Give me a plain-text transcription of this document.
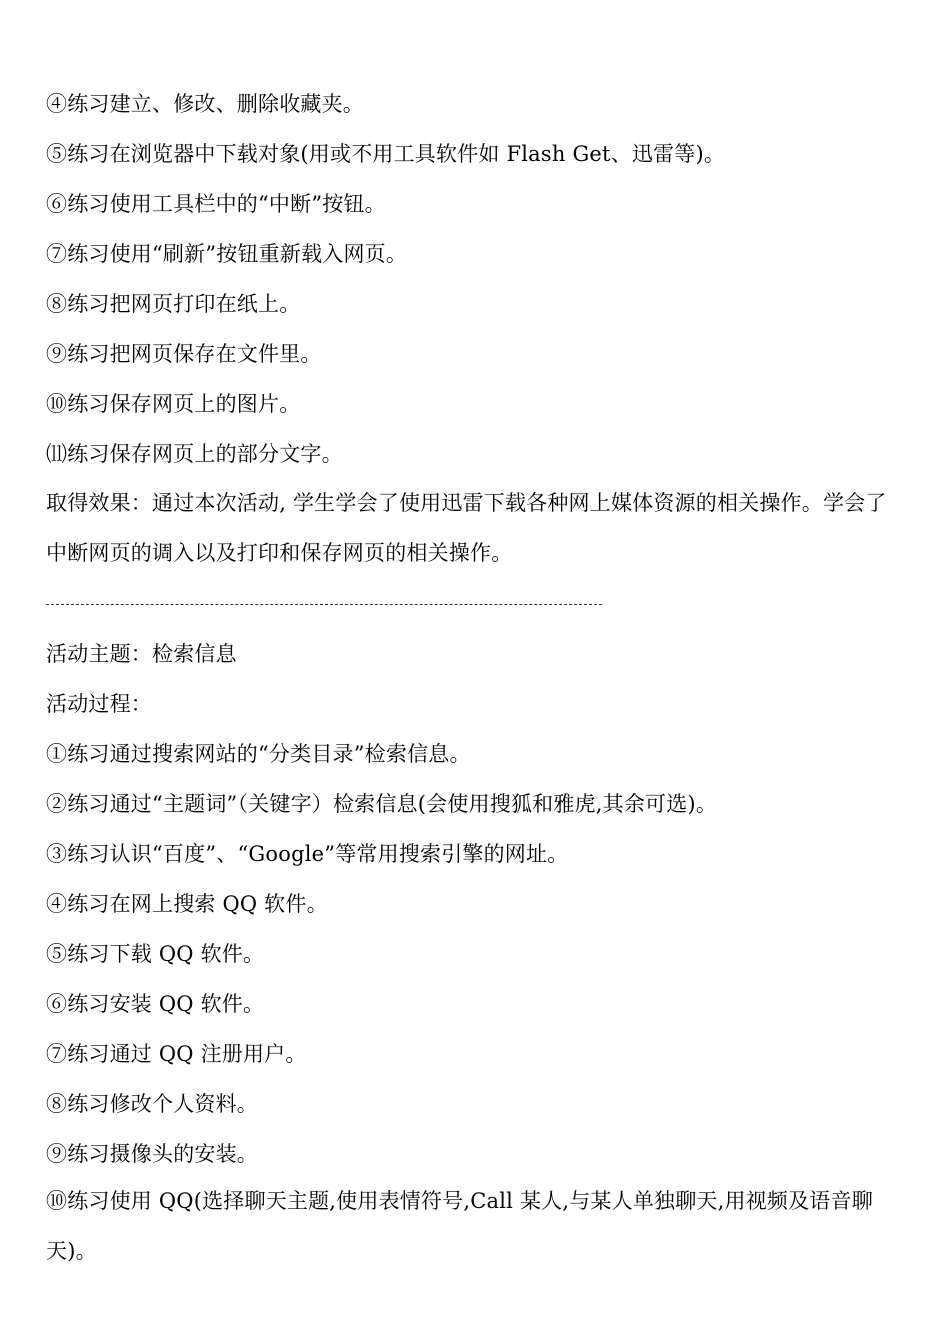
④练习建立、修改、删除收藏夹。
⑤练习在浏览器中下载对象(用或不用工具软件如 Flash Get、迅雷等)。
⑥练习使用工具栏中的“中断”按钮。
⑦练习使用“刷新”按钮重新载入网页。
⑧练习把网页打印在纸上。
⑨练习把网页保存在文件里。
⑩练习保存网页上的图片。
⑾练习保存网页上的部分文字。
取得效果：通过本次活动, 学生学会了使用迅雷下载各种网上媒体资源的相关操作。学会了中断网页的调入以及打印和保存网页的相关操作。
活动主题：检索信息
活动过程：
①练习通过搜索网站的“分类目录”检索信息。
②练习通过“主题词”（关键字）检索信息(会使用搜狐和雅虎,其余可选)。
③练习认识“百度”、“Google”等常用搜索引擎的网址。
④练习在网上搜索 QQ 软件。
⑤练习下载 QQ 软件。
⑥练习安装 QQ 软件。
⑦练习通过 QQ 注册用户。
⑧练习修改个人资料。
⑨练习摄像头的安装。
⑩练习使用 QQ(选择聊天主题,使用表情符号,Call 某人,与某人单独聊天,用视频及语音聊天)。
